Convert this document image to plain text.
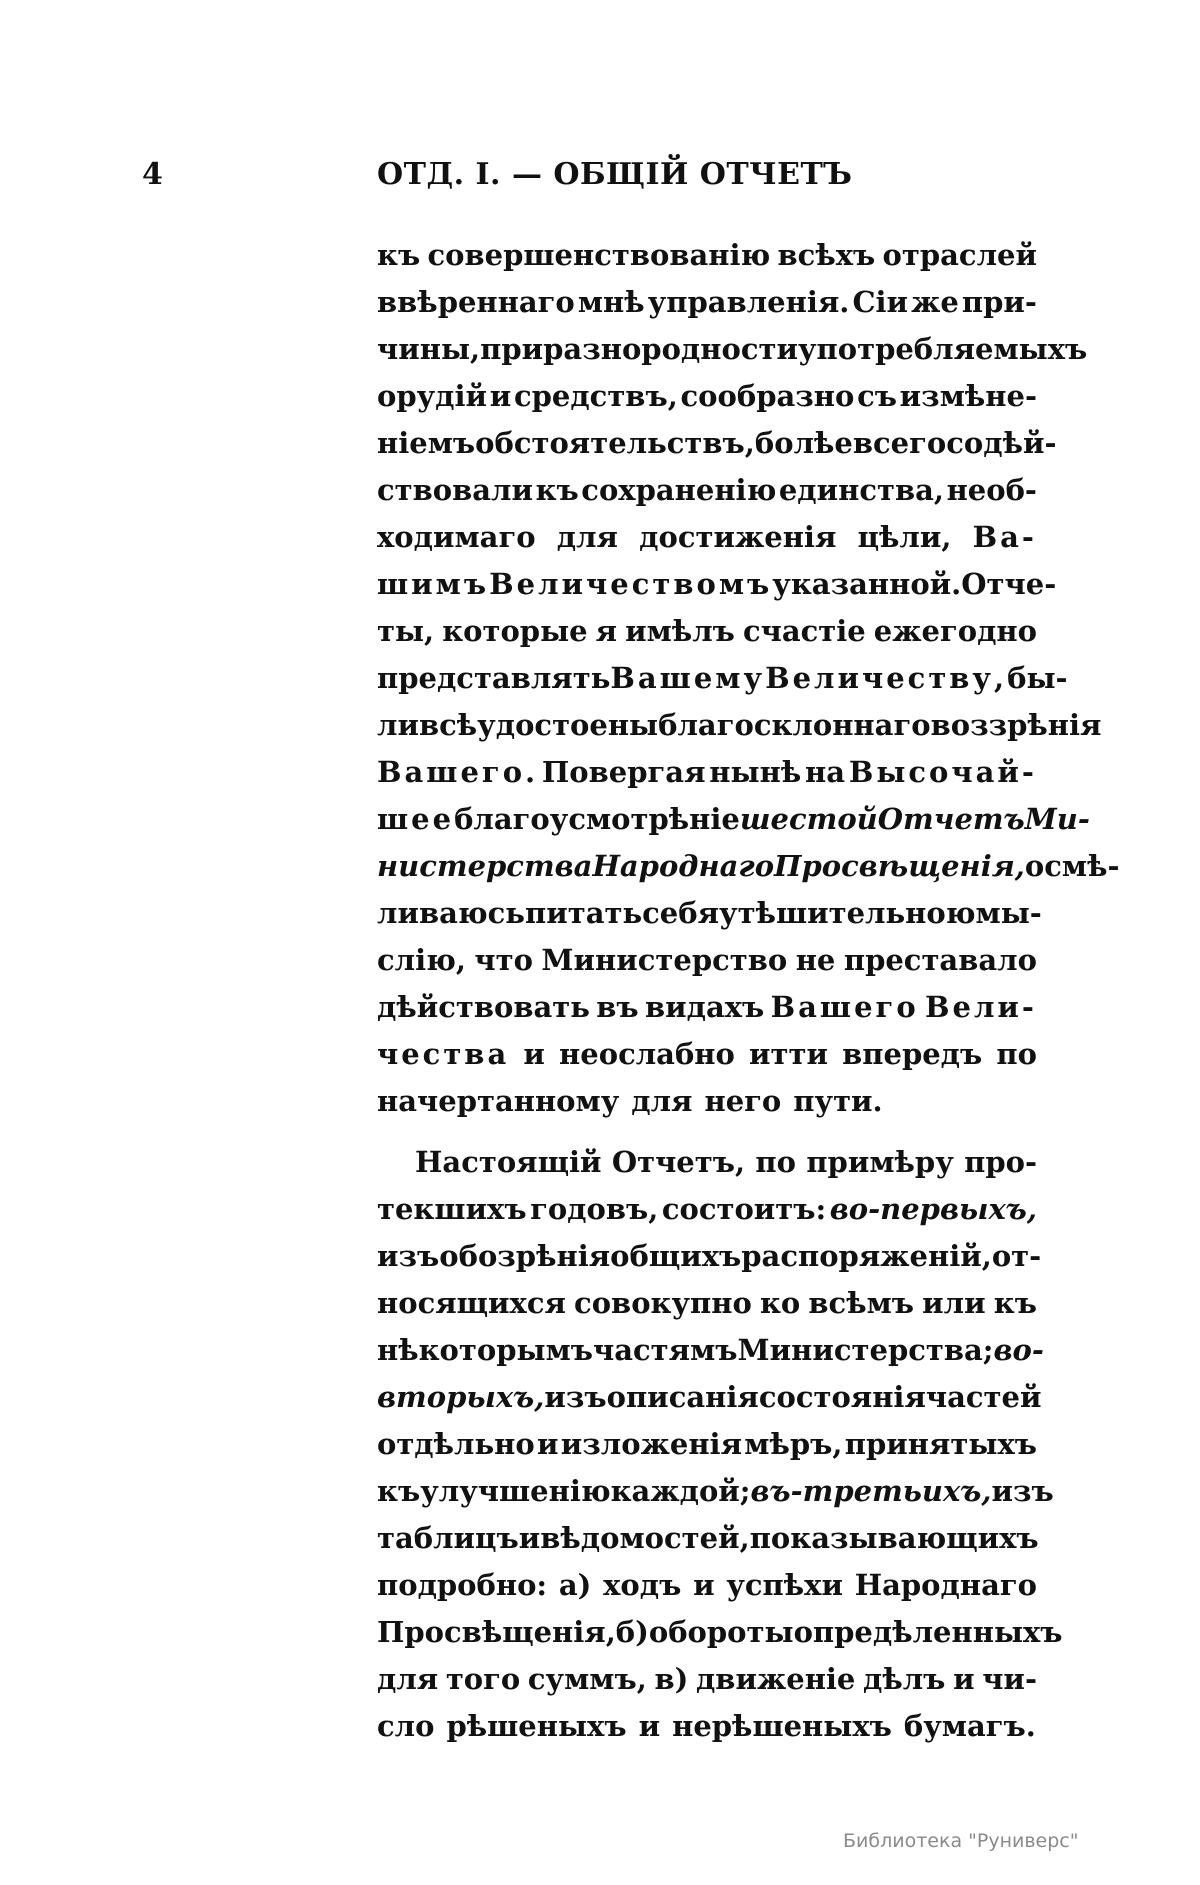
4	ОТД. I. — ОБЩІЙ ОТЧЕТЪ
къ совершенствованію всѣхъ отраслей
ввѣреннаго мнѣ управленія. Сіи же при-
чины, при разнородности употребляемыхъ
орудій и средствъ, сообразно съ измѣне-
ніемъ обстоятельствъ, болѣе всего содѣй-
ствовали къ сохраненію единства, необ-
ходимаго для достиженія цѣли, Ва-
шимъ Величествомъ указанной. Отче-
ты, которые я имѣлъ счастіе ежегодно
представлять Вашему Величеству, бы-
ли всѣ удостоены благосклоннаго воззрѣнія
Вашего. Повергая нынѣ на Высочай-
шее благоусмотрѣніе шестой Отчетъ Ми-
нистерства Народнаго Просвѣщенія, осмѣ-
ливаюсь питать себя утѣшительною мы-
слію, что Министерство не преставало
дѣйствовать въ видахъ Вашего Вели-
чества и неослабно итти впередъ по
начертанному для него пути.
Настоящій Отчетъ, по примѣру про-
текшихъ годовъ, состоитъ: во-первыхъ,
изъ обозрѣнія общихъ распоряженій, от-
носящихся совокупно ко всѣмъ или къ
нѣкоторымъ частямъ Министерства; во-
вторыхъ, изъ описанія состоянія частей
отдѣльно и изложенія мѣръ, принятыхъ
къ улучшенію каждой; въ-третьихъ, изъ
таблицъ и вѣдомостей, показывающихъ
подробно: а) ходъ и успѣхи Народнаго
Просвѣщенія, б) обороты опредѣленныхъ
для того суммъ, в) движеніе дѣлъ и чи-
сло рѣшеныхъ и нерѣшеныхъ бумагъ.
Библиотека "Руниверс"
